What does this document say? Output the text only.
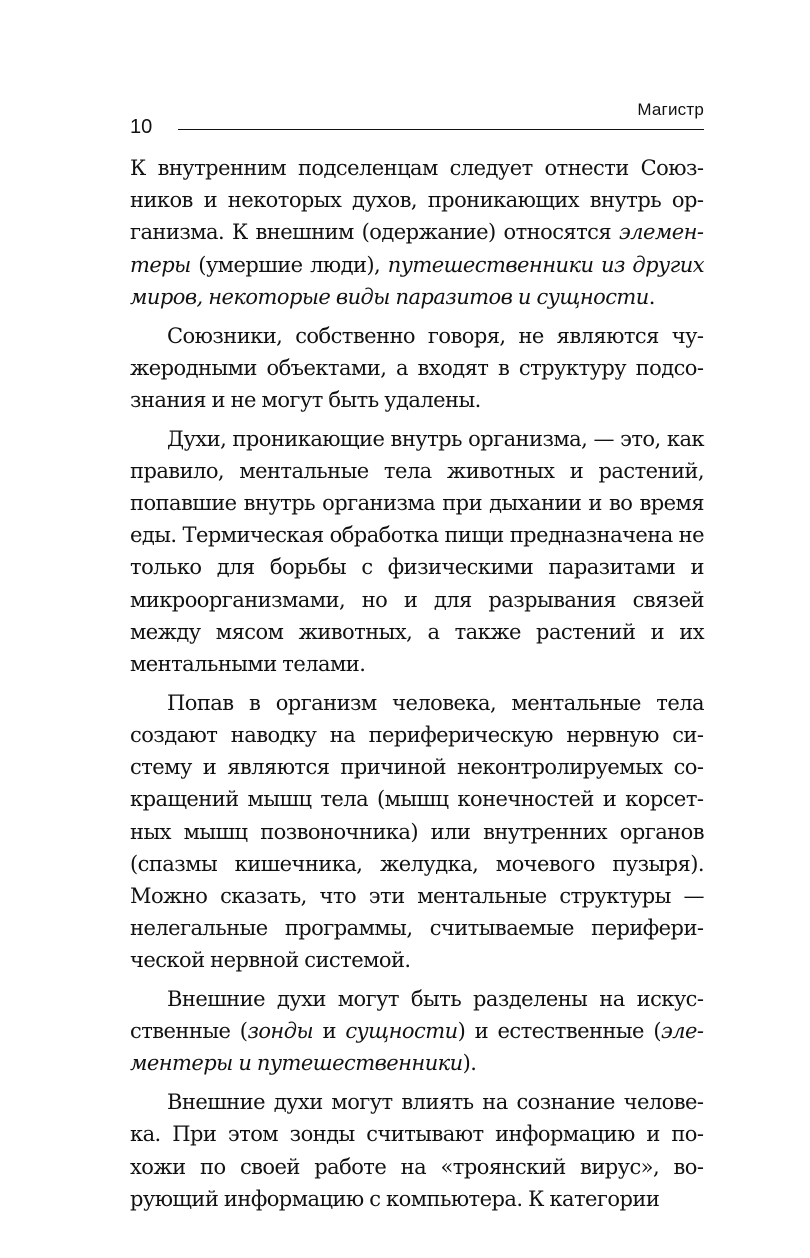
Магистр
10

К внутренним подселенцам следует отнести Союзников и некоторых духов, проникающих внутрь организма. К внешним (одержание) относятся элементеры (умершие люди), путешественники из других миров, некоторые виды паразитов и сущности.

Союзники, собственно говоря, не являются чужеродными объектами, а входят в структуру подсознания и не могут быть удалены.

Духи, проникающие внутрь организма, — это, как правило, ментальные тела животных и растений, попавшие внутрь организма при дыхании и во время еды. Термическая обработка пищи предназначена не только для борьбы с физическими паразитами и микроорганизмами, но и для разрывания связей между мясом животных, а также растений и их ментальными телами.

Попав в организм человека, ментальные тела создают наводку на периферическую нервную систему и являются причиной неконтролируемых сокращений мышц тела (мышц конечностей и корсетных мышц позвоночника) или внутренних органов (спазмы кишечника, желудка, мочевого пузыря). Можно сказать, что эти ментальные структуры — нелегальные программы, считываемые периферической нервной системой.

Внешние духи могут быть разделены на искусственные (зонды и сущности) и естественные (элементеры и путешественники).

Внешние духи могут влиять на сознание человека. При этом зонды считывают информацию и похожи по своей работе на «троянский вирус», ворующий информацию с компьютера. К категории
